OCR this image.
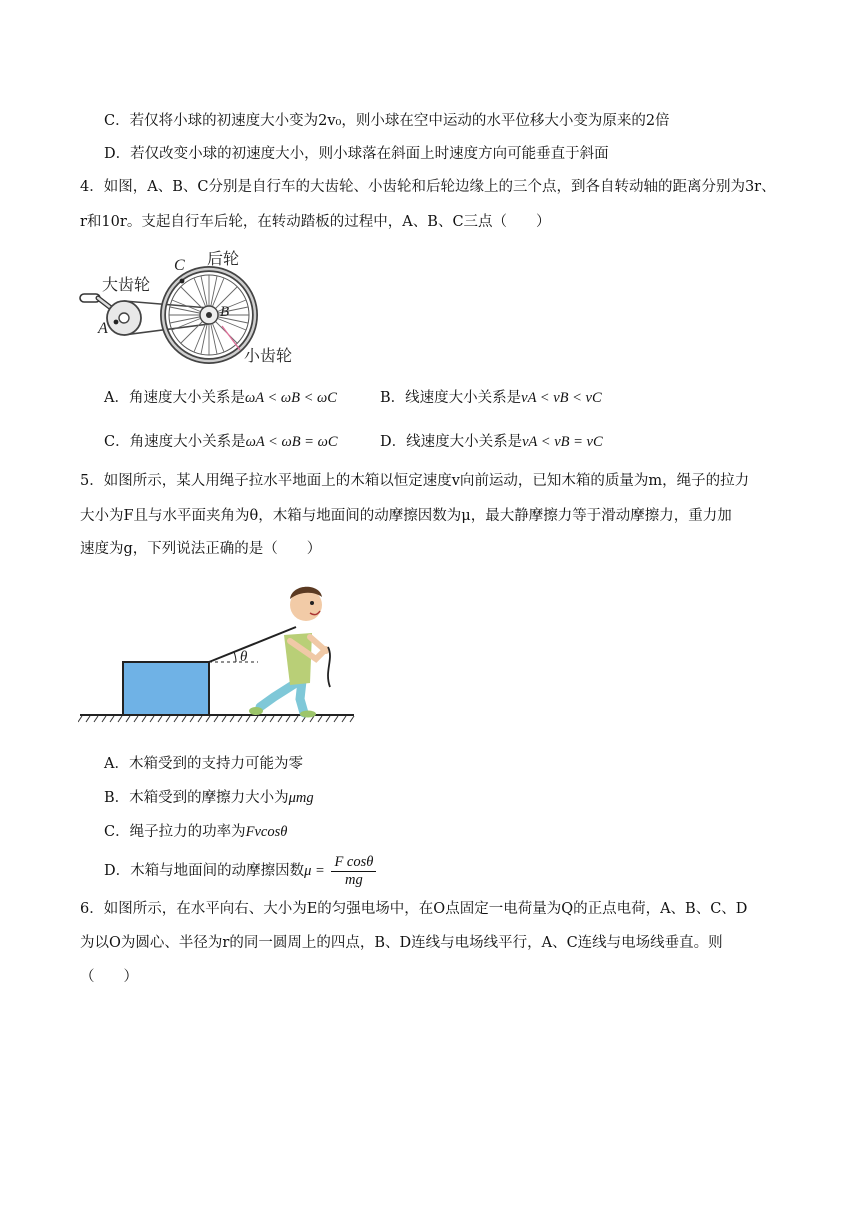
C．若仅将小球的初速度大小变为2v₀，则小球在空中运动的水平位移大小变为原来的2倍
D．若仅改变小球的初速度大小，则小球落在斜面上时速度方向可能垂直于斜面
4．如图，A、B、C分别是自行车的大齿轮、小齿轮和后轮边缘上的三个点，到各自转动轴的距离分别为3r、
r和10r。支起自行车后轮，在转动踏板的过程中，A、B、C三点（　　）
大齿轮
后轮
C
A
B
小齿轮
A．角速度大小关系是ωA < ωB < ωC	B．线速度大小关系是vA < vB < vC
C．角速度大小关系是ωA < ωB = ωC	D．线速度大小关系是vA < vB = vC
5．如图所示，某人用绳子拉水平地面上的木箱以恒定速度v向前运动，已知木箱的质量为m，绳子的拉力
大小为F且与水平面夹角为θ，木箱与地面间的动摩擦因数为μ，最大静摩擦力等于滑动摩擦力，重力加
速度为g，下列说法正确的是（　　）
θ
A．木箱受到的支持力可能为零
B．木箱受到的摩擦力大小为μmg
C．绳子拉力的功率为Fvcosθ
D．木箱与地面间的动摩擦因数$\mu = \frac{\text{F cosθ}}{mg}$
6．如图所示，在水平向右、大小为E的匀强电场中，在O点固定一电荷量为Q的正点电荷，A、B、C、D
为以O为圆心、半径为r的同一圆周上的四点，B、D连线与电场线平行，A、C连线与电场线垂直。则
（　　）
